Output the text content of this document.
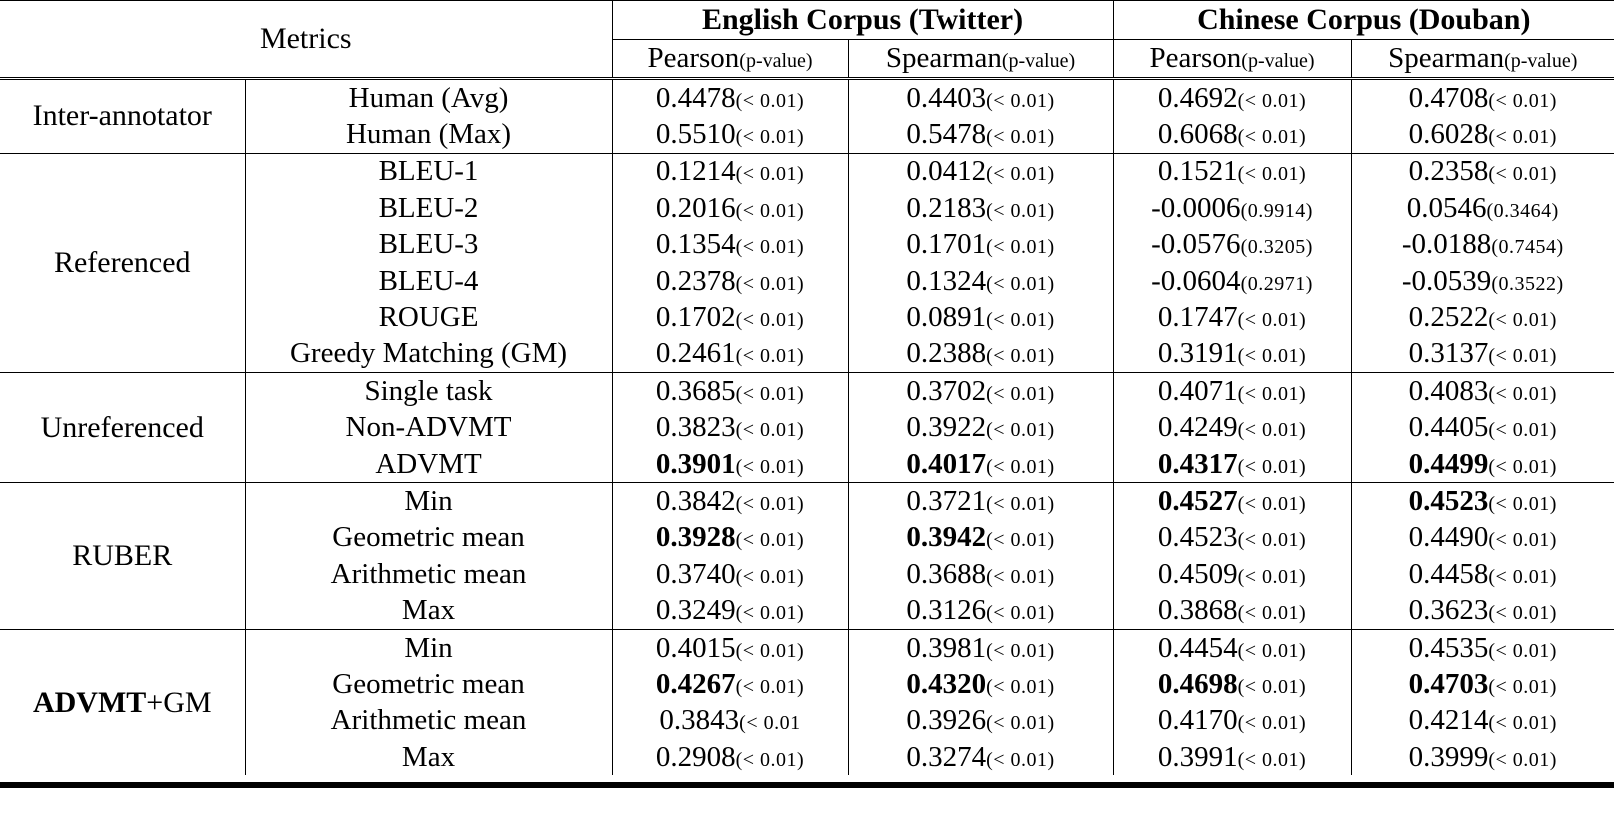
Metrics		English Corpus (Twitter)		Chinese Corpus (Douban)	
		Pearson(p-value)	Spearman(p-value)	Pearson(p-value)	Spearman(p-value)
Inter-annotator	Human (Avg)	0.4478(< 0.01)	0.4403(< 0.01)	0.4692(< 0.01)	0.4708(< 0.01)
	Human (Max)	0.5510(< 0.01)	0.5478(< 0.01)	0.6068(< 0.01)	0.6028(< 0.01)
Referenced	BLEU-1	0.1214(< 0.01)	0.0412(< 0.01)	0.1521(< 0.01)	0.2358(< 0.01)
	BLEU-2	0.2016(< 0.01)	0.2183(< 0.01)	-0.0006(0.9914)	0.0546(0.3464)
	BLEU-3	0.1354(< 0.01)	0.1701(< 0.01)	-0.0576(0.3205)	-0.0188(0.7454)
	BLEU-4	0.2378(< 0.01)	0.1324(< 0.01)	-0.0604(0.2971)	-0.0539(0.3522)
	ROUGE	0.1702(< 0.01)	0.0891(< 0.01)	0.1747(< 0.01)	0.2522(< 0.01)
	Greedy Matching (GM)	0.2461(< 0.01)	0.2388(< 0.01)	0.3191(< 0.01)	0.3137(< 0.01)
Unreferenced	Single task	0.3685(< 0.01)	0.3702(< 0.01)	0.4071(< 0.01)	0.4083(< 0.01)
	Non-ADVMT	0.3823(< 0.01)	0.3922(< 0.01)	0.4249(< 0.01)	0.4405(< 0.01)
	ADVMT	0.3901(< 0.01)	0.4017(< 0.01)	0.4317(< 0.01)	0.4499(< 0.01)
RUBER	Min	0.3842(< 0.01)	0.3721(< 0.01)	0.4527(< 0.01)	0.4523(< 0.01)
	Geometric mean	0.3928(< 0.01)	0.3942(< 0.01)	0.4523(< 0.01)	0.4490(< 0.01)
	Arithmetic mean	0.3740(< 0.01)	0.3688(< 0.01)	0.4509(< 0.01)	0.4458(< 0.01)
	Max	0.3249(< 0.01)	0.3126(< 0.01)	0.3868(< 0.01)	0.3623(< 0.01)
ADVMT+GM	Min	0.4015(< 0.01)	0.3981(< 0.01)	0.4454(< 0.01)	0.4535(< 0.01)
	Geometric mean	0.4267(< 0.01)	0.4320(< 0.01)	0.4698(< 0.01)	0.4703(< 0.01)
	Arithmetic mean	0.3843(< 0.01	0.3926(< 0.01)	0.4170(< 0.01)	0.4214(< 0.01)
	Max	0.2908(< 0.01)	0.3274(< 0.01)	0.3991(< 0.01)	0.3999(< 0.01)
